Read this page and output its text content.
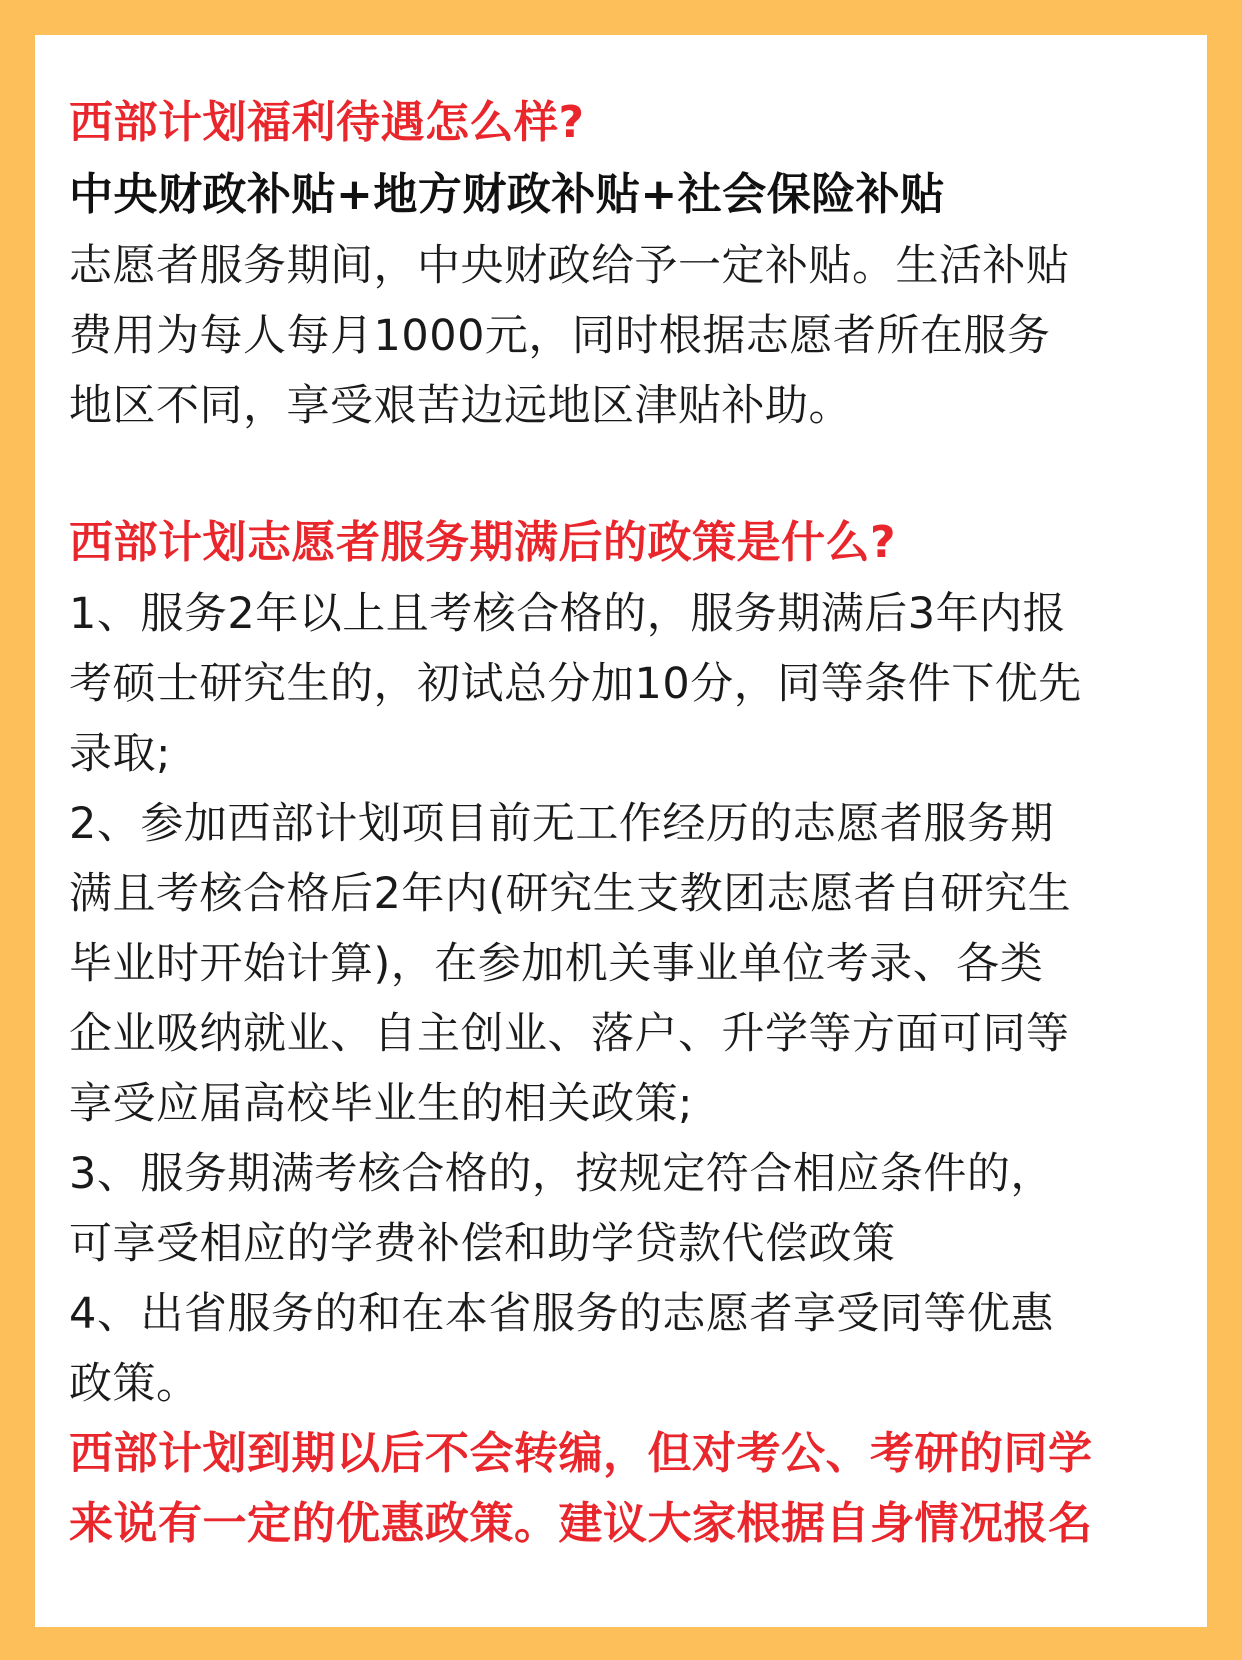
西部计划福利待遇怎么样?

中央财政补贴+地方财政补贴+社会保险补贴

志愿者服务期间，中央财政给予一定补贴。生活补贴

费用为每人每月1000元，同时根据志愿者所在服务

地区不同，享受艰苦边远地区津贴补助。

西部计划志愿者服务期满后的政策是什么?

1、服务2年以上且考核合格的，服务期满后3年内报

考硕士研究生的，初试总分加10分，同等条件下优先

录取;

2、参加西部计划项目前无工作经历的志愿者服务期

满且考核合格后2年内(研究生支教团志愿者自研究生

毕业时开始计算)，在参加机关事业单位考录、各类

企业吸纳就业、自主创业、落户、升学等方面可同等

享受应届高校毕业生的相关政策;

3、服务期满考核合格的，按规定符合相应条件的，

可享受相应的学费补偿和助学贷款代偿政策

4、出省服务的和在本省服务的志愿者享受同等优惠

政策。

西部计划到期以后不会转编，但对考公、考研的同学

来说有一定的优惠政策。建议大家根据自身情况报名
